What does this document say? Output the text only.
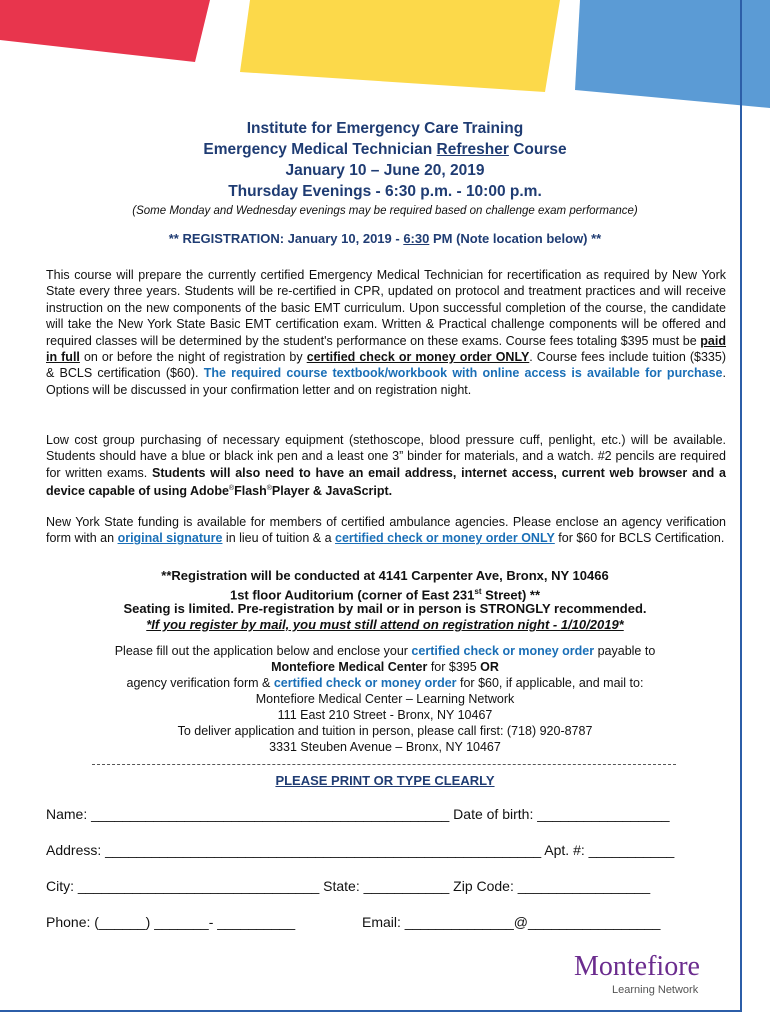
Institute for Emergency Care Training
Emergency Medical Technician Refresher Course
January 10 – June 20, 2019
Thursday Evenings - 6:30 p.m. - 10:00 p.m.
(Some Monday and Wednesday evenings may be required based on challenge exam performance)
** REGISTRATION: January 10, 2019 - 6:30 PM (Note location below) **
This course will prepare the currently certified Emergency Medical Technician for recertification as required by New York State every three years. Students will be re-certified in CPR, updated on protocol and treatment practices and will receive instruction on the new components of the basic EMT curriculum. Upon successful completion of the course, the candidate will take the New York State Basic EMT certification exam. Written & Practical challenge components will be offered and required classes will be determined by the student's performance on these exams. Course fees totaling $395 must be paid in full on or before the night of registration by certified check or money order ONLY. Course fees include tuition ($335) & BCLS certification ($60). The required course textbook/workbook with online access is available for purchase. Options will be discussed in your confirmation letter and on registration night.
Low cost group purchasing of necessary equipment (stethoscope, blood pressure cuff, penlight, etc.) will be available. Students should have a blue or black ink pen and a least one 3” binder for materials, and a watch. #2 pencils are required for written exams. Students will also need to have an email address, internet access, current web browser and a device capable of using Adobe®Flash®Player & JavaScript.
New York State funding is available for members of certified ambulance agencies. Please enclose an agency verification form with an original signature in lieu of tuition & a certified check or money order ONLY for $60 for BCLS Certification.
**Registration will be conducted at 4141 Carpenter Ave, Bronx, NY 10466
1st floor Auditorium (corner of East 231st Street) **
Seating is limited. Pre-registration by mail or in person is STRONGLY recommended.
*If you register by mail, you must still attend on registration night - 1/10/2019*
Please fill out the application below and enclose your certified check or money order payable to
Montefiore Medical Center for $395 OR
agency verification form & certified check or money order for $60, if applicable, and mail to:
Montefiore Medical Center – Learning Network
111 East 210 Street - Bronx, NY 10467
To deliver application and tuition in person, please call first: (718) 920-8787
3331 Steuben Avenue – Bronx, NY 10467
PLEASE PRINT OR TYPE CLEARLY
Name: ______________________________________________ Date of birth: _________________
Address: ________________________________________________________ Apt. #: ___________
City: _______________________________ State: ___________ Zip Code: _________________
Phone: (______) _______- __________	Email: ______________@_________________
Montefiore
Learning Network
